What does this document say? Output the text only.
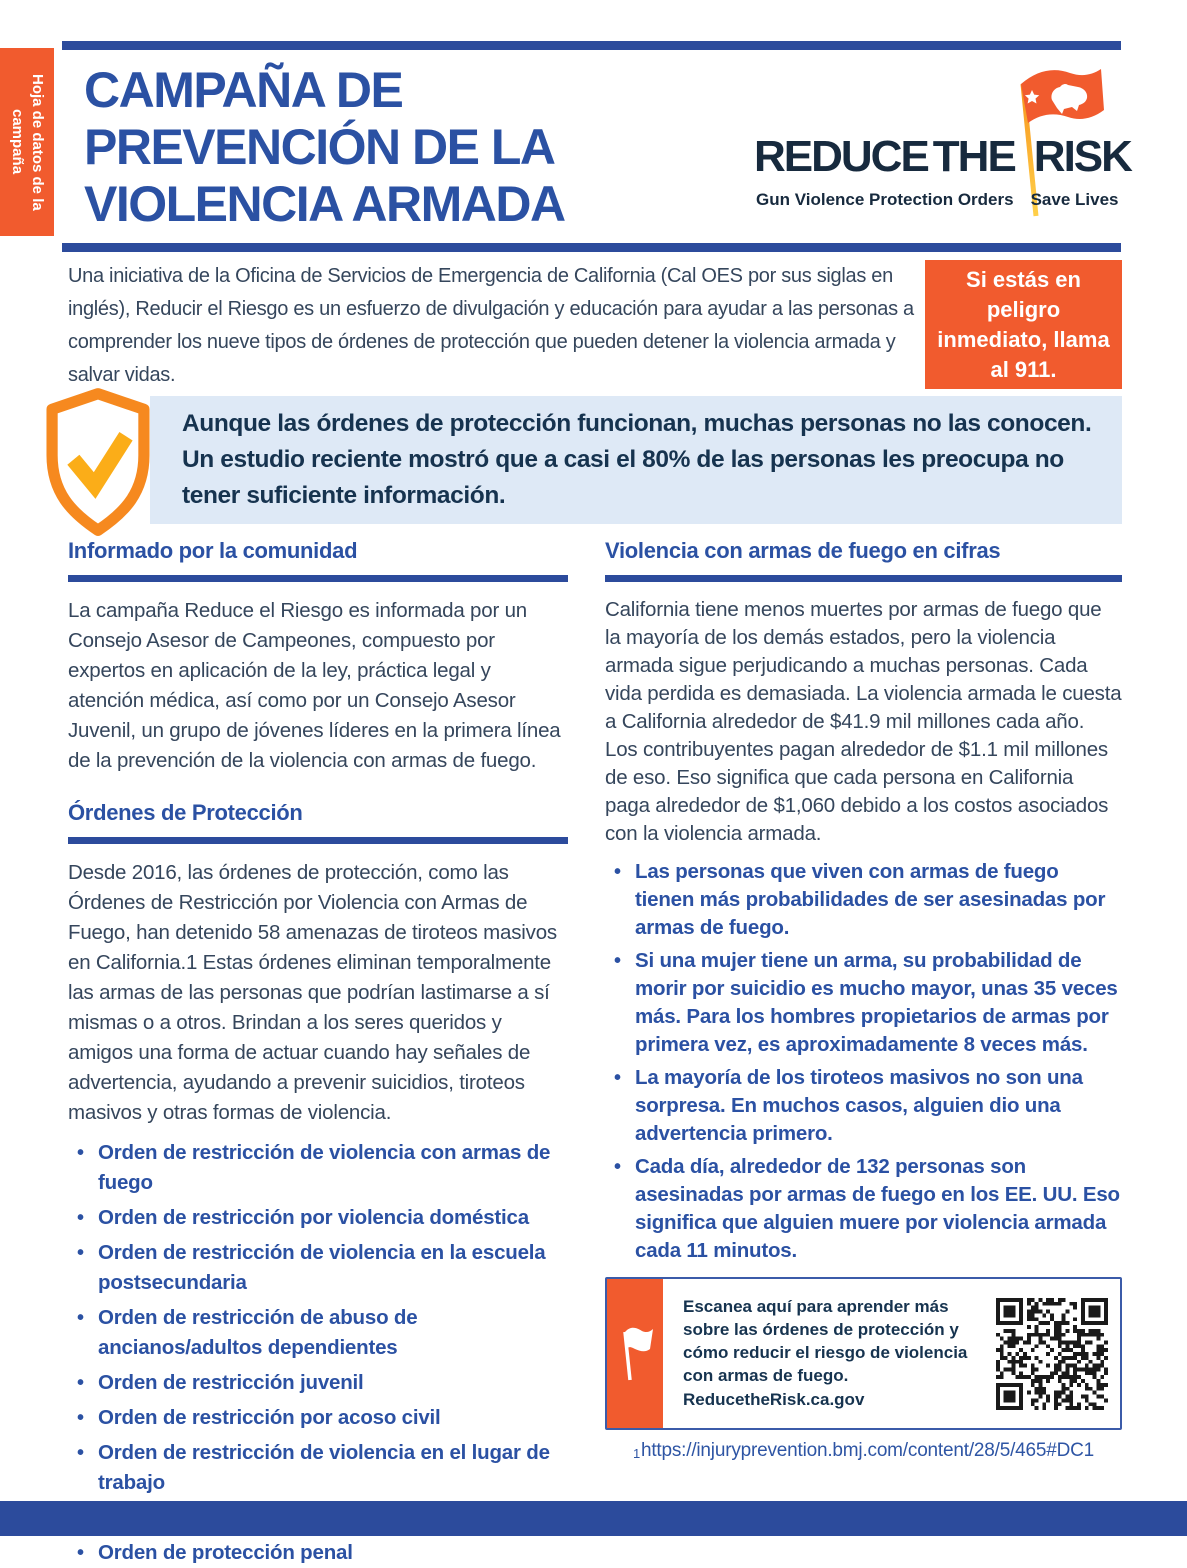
Hoja de datos de la
campaña
CAMPAÑA DE
PREVENCIÓN DE LA
VIOLENCIA ARMADA
REDUCE THE RISK
Gun Violence Protection Orders Save Lives

Una iniciativa de la Oficina de Servicios de Emergencia de California (Cal OES por sus siglas en inglés), Reducir el Riesgo es un esfuerzo de divulgación y educación para ayudar a las personas a comprender los nueve tipos de órdenes de protección que pueden detener la violencia armada y salvar vidas.

Si estás en peligro inmediato, llama al 911.

Aunque las órdenes de protección funcionan, muchas personas no las conocen. Un estudio reciente mostró que a casi el 80% de las personas les preocupa no tener suficiente información.

Informado por la comunidad

La campaña Reduce el Riesgo es informada por un Consejo Asesor de Campeones, compuesto por expertos en aplicación de la ley, práctica legal y atención médica, así como por un Consejo Asesor Juvenil, un grupo de jóvenes líderes en la primera línea de la prevención de la violencia con armas de fuego.

Órdenes de Protección

Desde 2016, las órdenes de protección, como las Órdenes de Restricción por Violencia con Armas de Fuego, han detenido 58 amenazas de tiroteos masivos en California.1 Estas órdenes eliminan temporalmente las armas de las personas que podrían lastimarse a sí mismas o a otros. Brindan a los seres queridos y amigos una forma de actuar cuando hay señales de advertencia, ayudando a prevenir suicidios, tiroteos masivos y otras formas de violencia.

• Orden de restricción de violencia con armas de fuego
• Orden de restricción por violencia doméstica
• Orden de restricción de violencia en la escuela postsecundaria
• Orden de restricción de abuso de ancianos/adultos dependientes
• Orden de restricción juvenil
• Orden de restricción por acoso civil
• Orden de restricción de violencia en el lugar de trabajo
•
• Orden de protección penal
Violencia con armas de fuego en cifras

California tiene menos muertes por armas de fuego que la mayoría de los demás estados, pero la violencia armada sigue perjudicando a muchas personas. Cada vida perdida es demasiada. La violencia armada le cuesta a California alrededor de $41.9 mil millones cada año. Los contribuyentes pagan alrededor de $1.1 mil millones de eso. Eso significa que cada persona en California paga alrededor de $1,060 debido a los costos asociados con la violencia armada.

• Las personas que viven con armas de fuego tienen más probabilidades de ser asesinadas por armas de fuego.
• Si una mujer tiene un arma, su probabilidad de morir por suicidio es mucho mayor, unas 35 veces más. Para los hombres propietarios de armas por primera vez, es aproximadamente 8 veces más.
• La mayoría de los tiroteos masivos no son una sorpresa. En muchos casos, alguien dio una advertencia primero.
• Cada día, alrededor de 132 personas son asesinadas por armas de fuego en los EE. UU. Eso significa que alguien muere por violencia armada cada 11 minutos.
Escanea aquí para aprender más sobre las órdenes de protección y cómo reducir el riesgo de violencia con armas de fuego.
ReducetheRisk.ca.gov
1https://injuryprevention.bmj.com/content/28/5/465#DC1
